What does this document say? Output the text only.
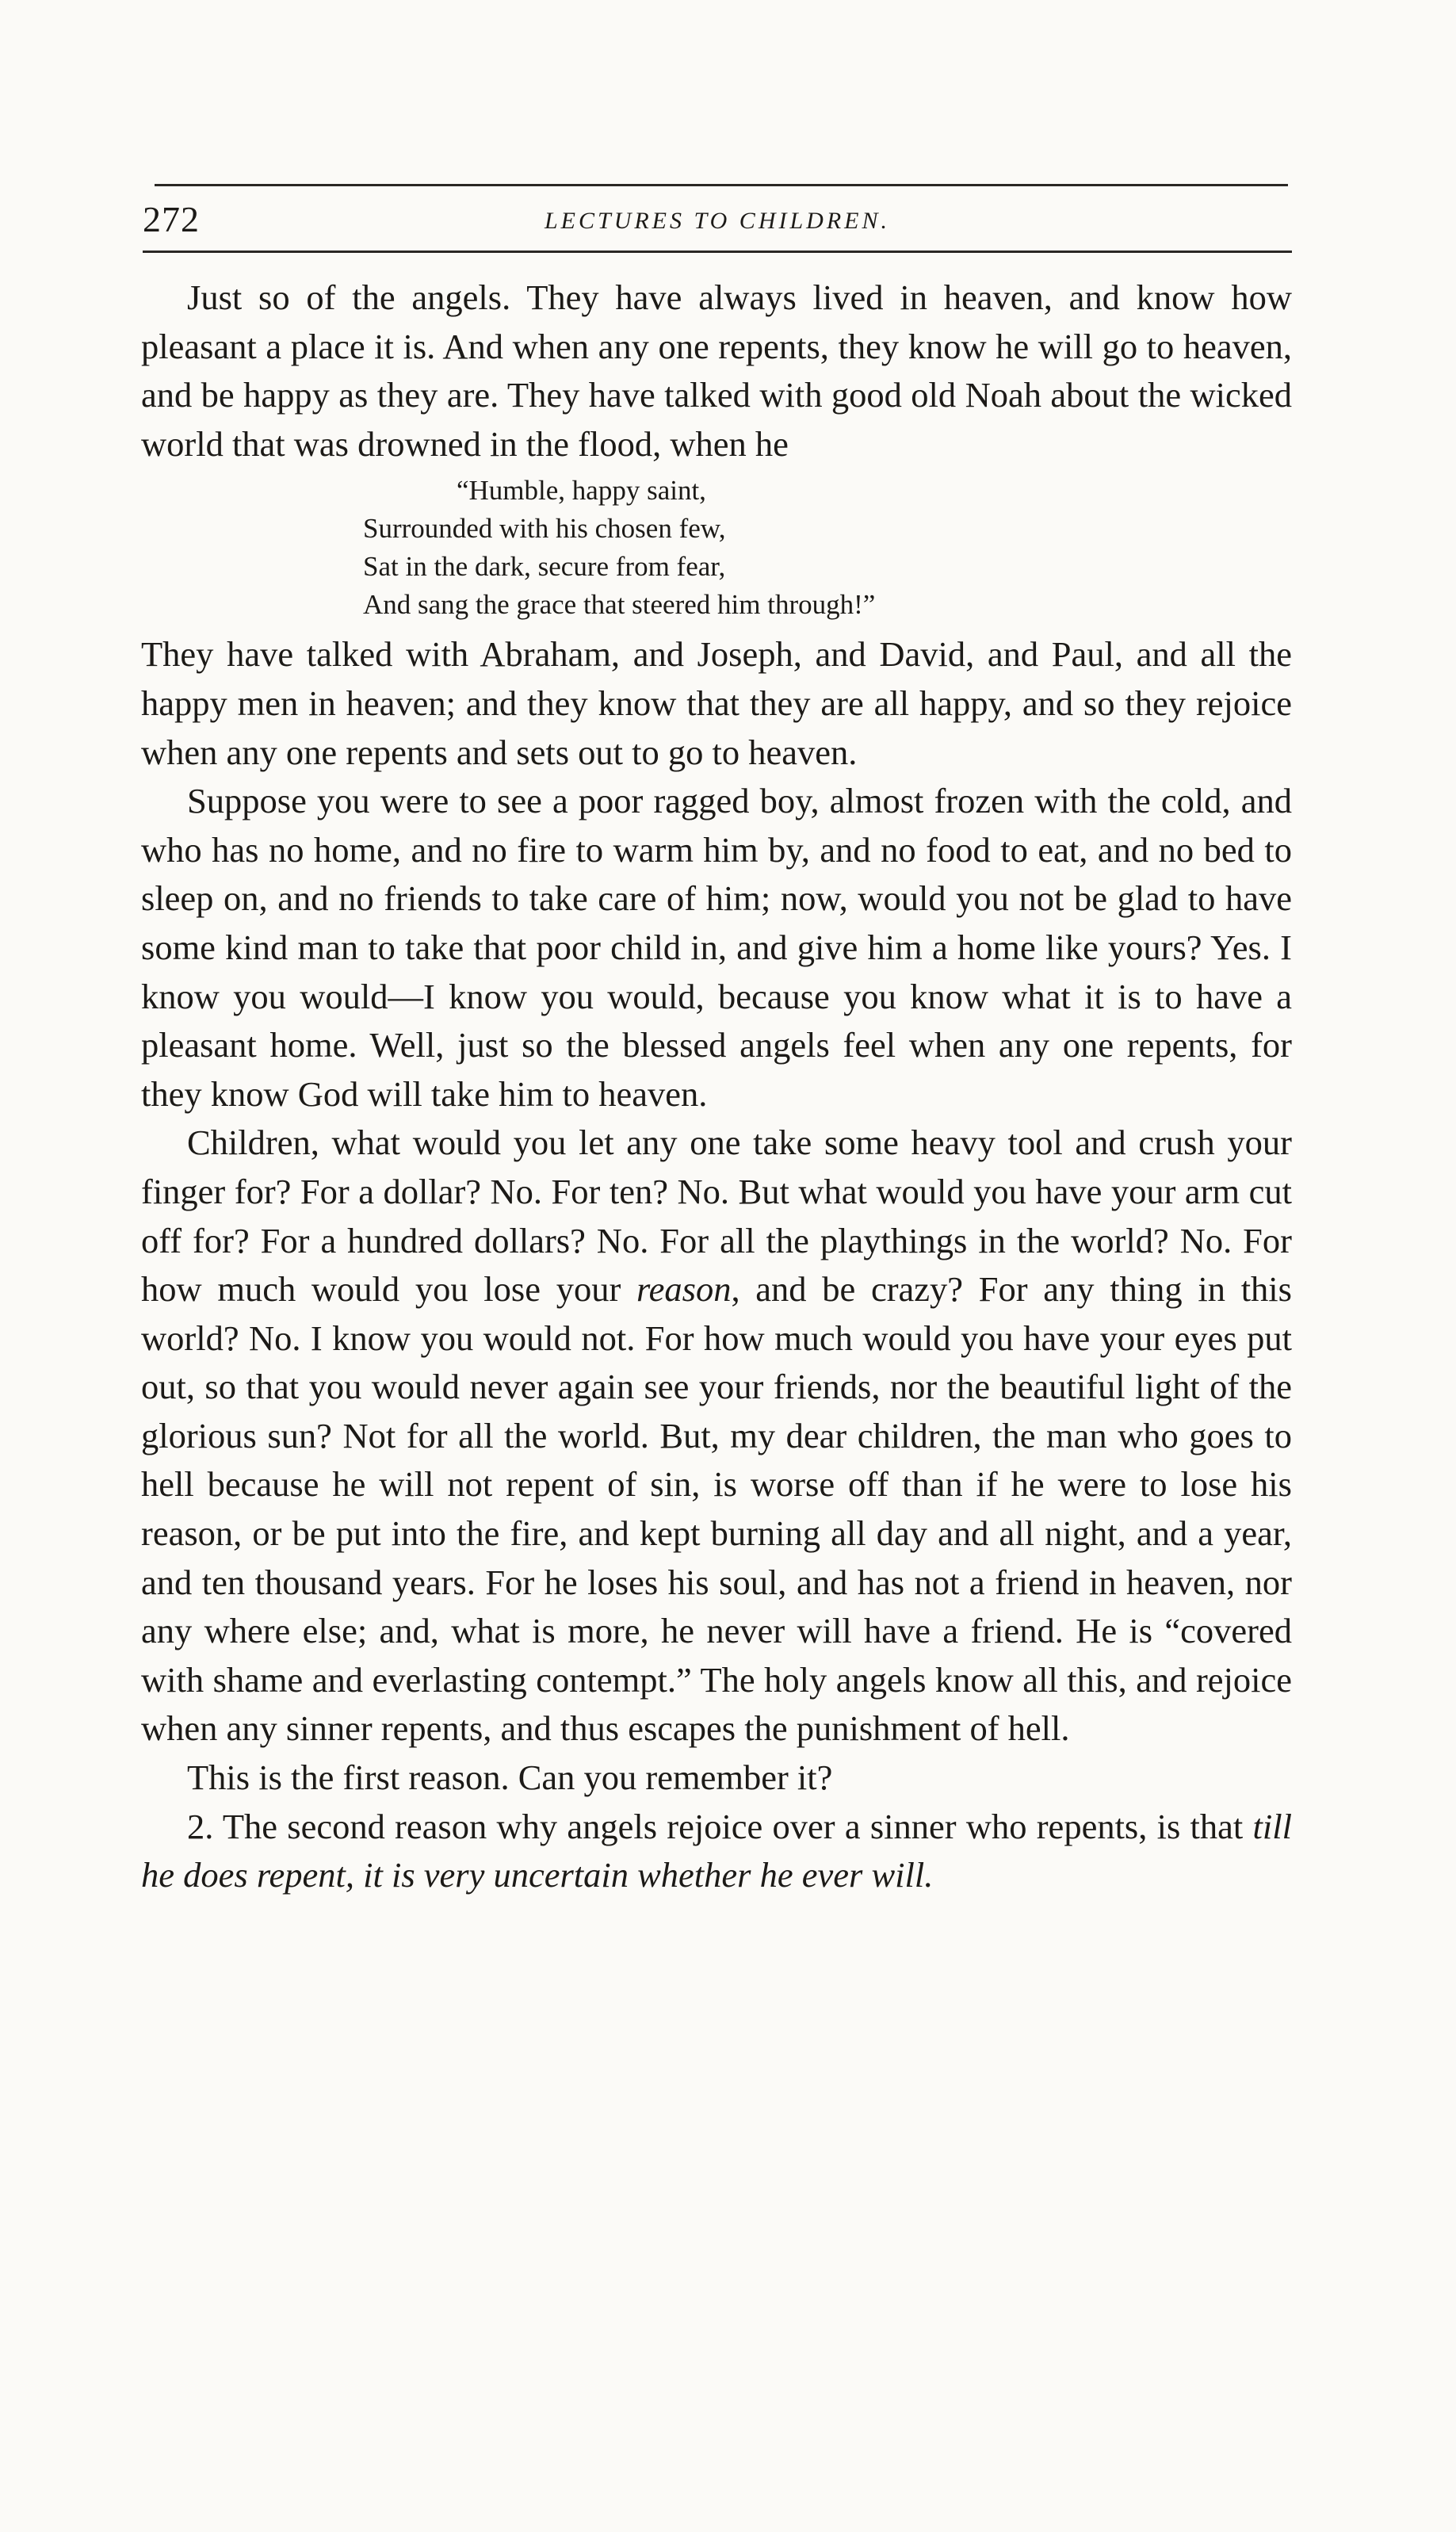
272	LECTURES TO CHILDREN.

Just so of the angels. They have always lived in heaven, and know how pleasant a place it is. And when any one repents, they know he will go to heaven, and be happy as they are. They have talked with good old Noah about the wicked world that was drowned in the flood, when he

“Humble, happy saint,
Surrounded with his chosen few,
Sat in the dark, secure from fear,
And sang the grace that steered him through!”

They have talked with Abraham, and Joseph, and David, and Paul, and all the happy men in heaven; and they know that they are all happy, and so they rejoice when any one repents and sets out to go to heaven.

Suppose you were to see a poor ragged boy, almost frozen with the cold, and who has no home, and no fire to warm him by, and no food to eat, and no bed to sleep on, and no friends to take care of him; now, would you not be glad to have some kind man to take that poor child in, and give him a home like yours? Yes. I know you would—I know you would, because you know what it is to have a pleasant home. Well, just so the blessed angels feel when any one repents, for they know God will take him to heaven.

Children, what would you let any one take some heavy tool and crush your finger for? For a dollar? No. For ten? No. But what would you have your arm cut off for? For a hundred dollars? No. For all the playthings in the world? No. For how much would you lose your reason, and be crazy? For any thing in this world? No. I know you would not. For how much would you have your eyes put out, so that you would never again see your friends, nor the beautiful light of the glorious sun? Not for all the world. But, my dear children, the man who goes to hell because he will not repent of sin, is worse off than if he were to lose his reason, or be put into the fire, and kept burning all day and all night, and a year, and ten thousand years. For he loses his soul, and has not a friend in heaven, nor any where else; and, what is more, he never will have a friend. He is “covered with shame and everlasting contempt.” The holy angels know all this, and rejoice when any sinner repents, and thus escapes the punishment of hell.

This is the first reason. Can you remember it?

2. The second reason why angels rejoice over a sinner who repents, is that till he does repent, it is very uncertain whether he ever will.
